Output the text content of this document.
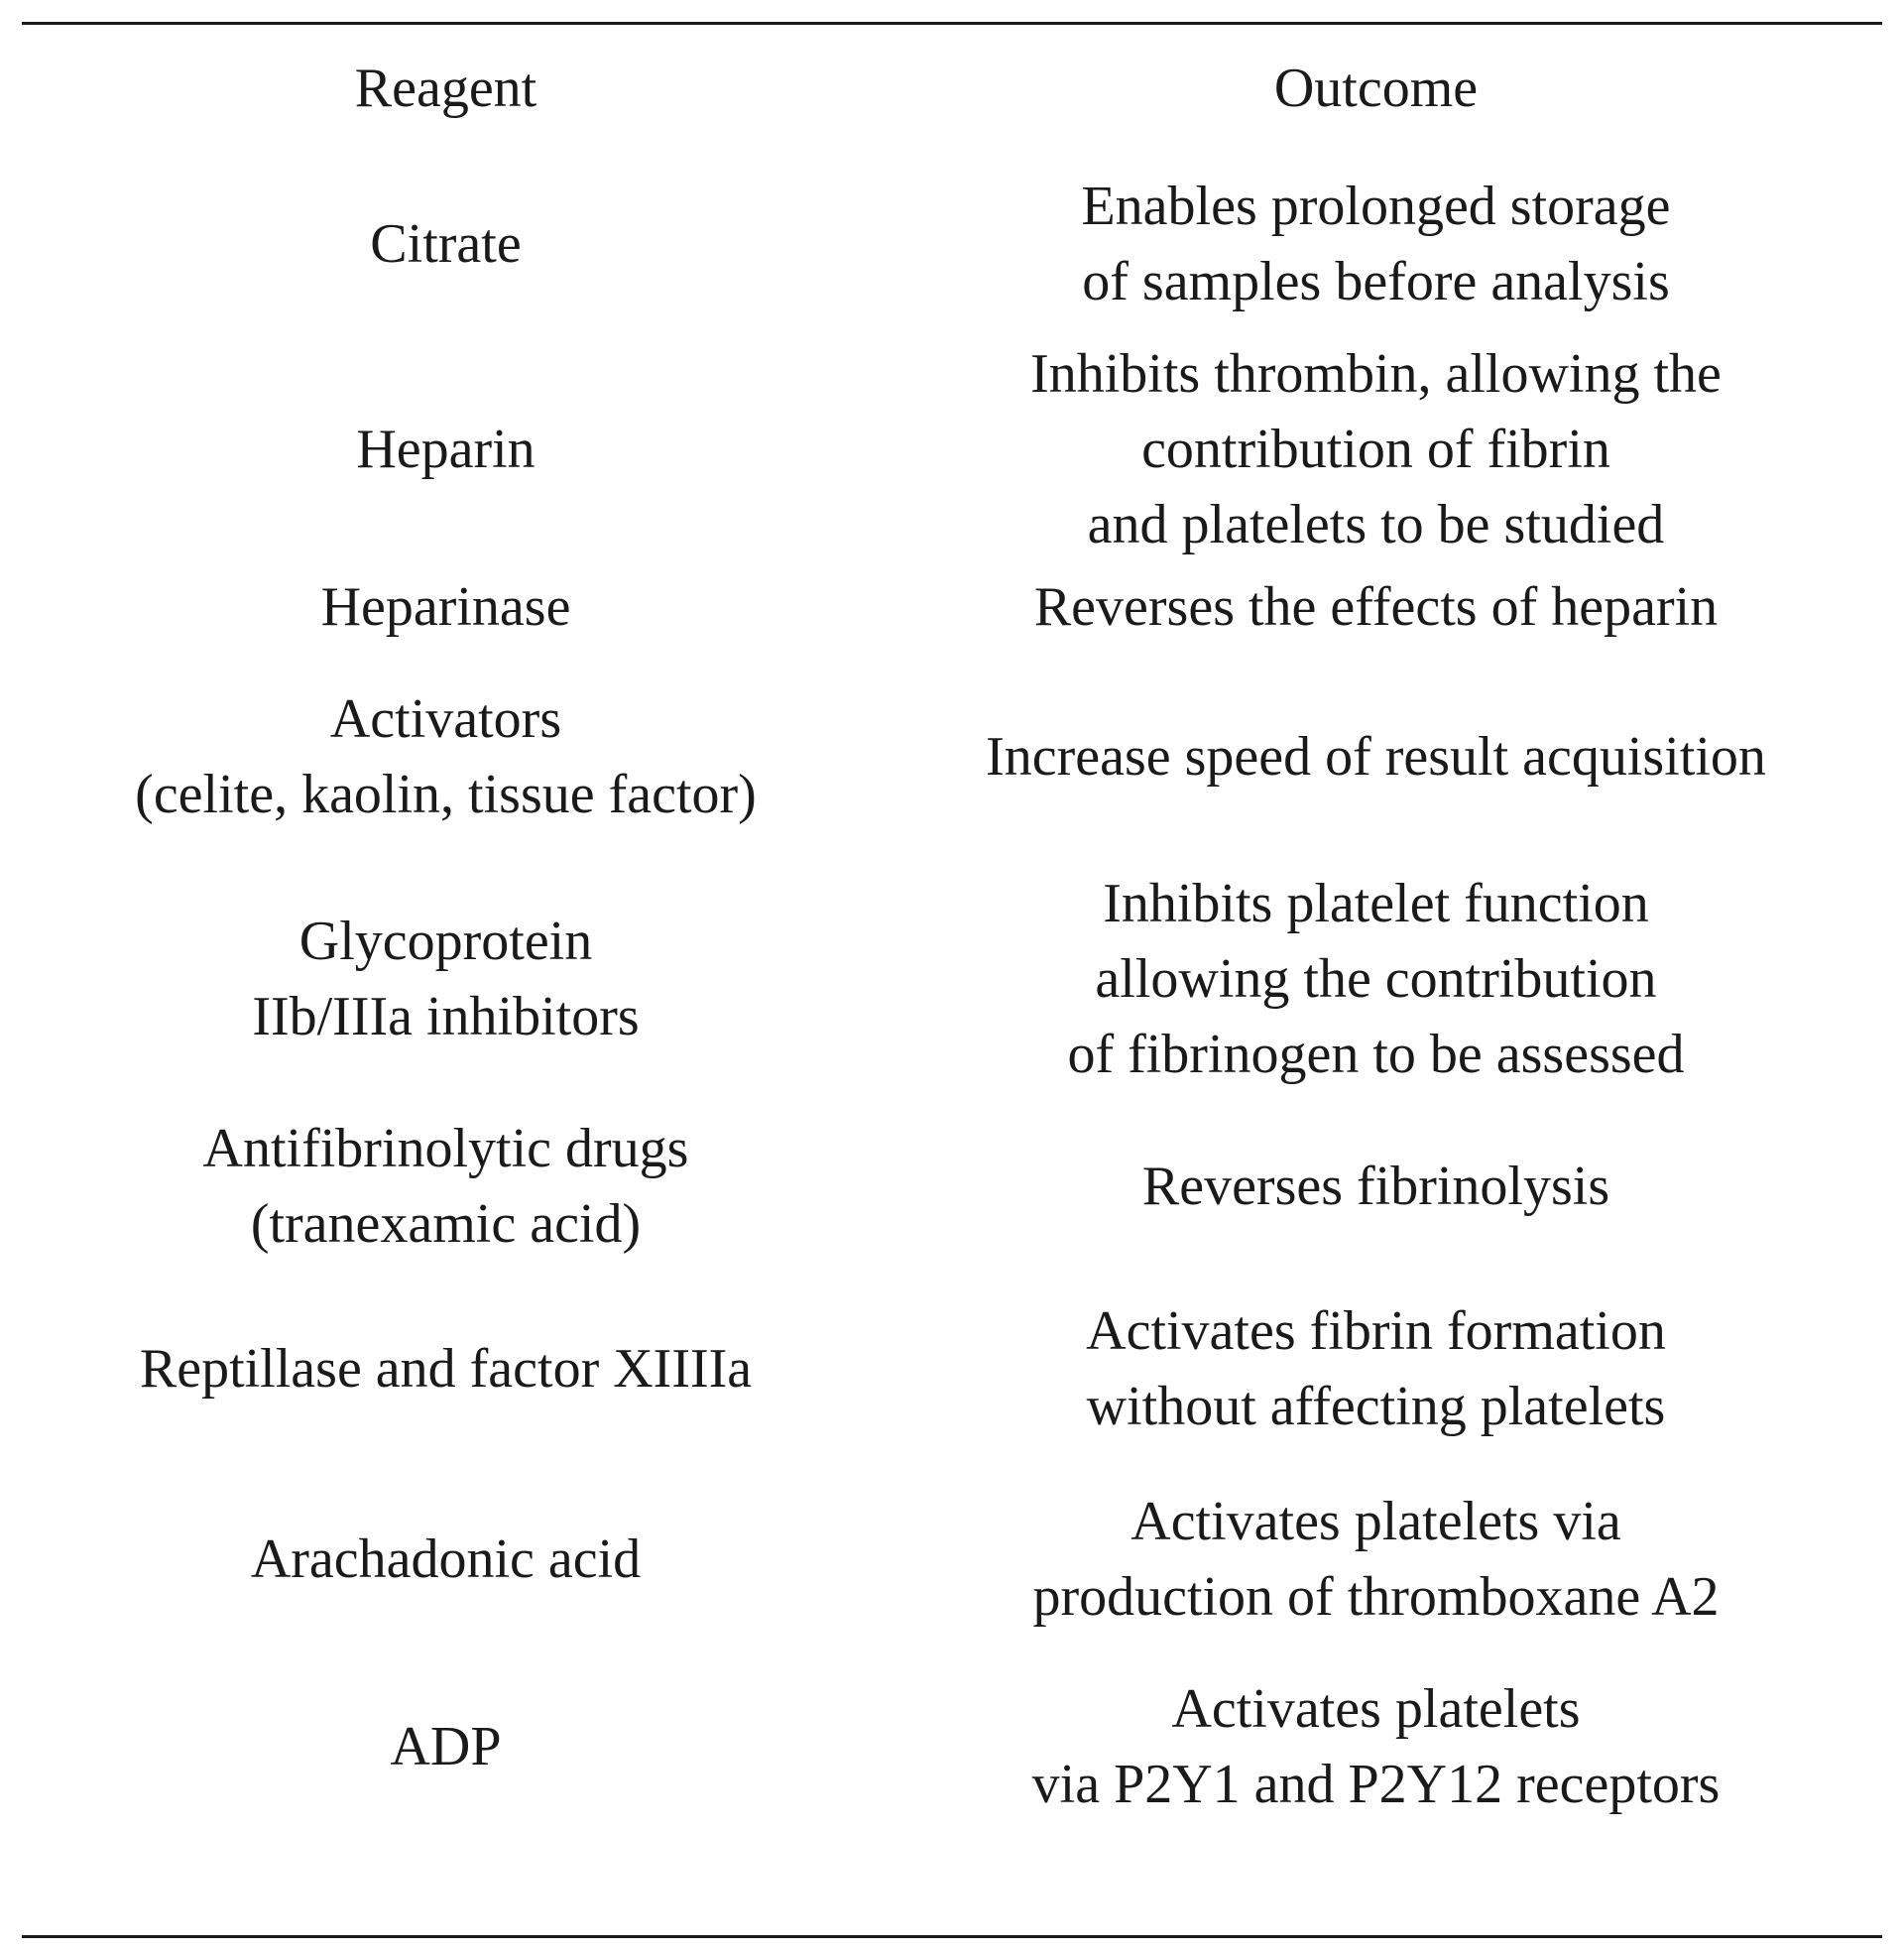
Reagent	Outcome
Citrate
Enables prolonged storage
of samples before analysis
Heparin
Inhibits thrombin, allowing the
contribution of fibrin
and platelets to be studied
Heparinase	Reverses the effects of heparin
Activators
(celite, kaolin, tissue factor)
Increase speed of result acquisition
Glycoprotein
IIb/IIIa inhibitors
Inhibits platelet function
allowing the contribution
of fibrinogen to be assessed
Antifibrinolytic drugs
(tranexamic acid)
Reverses fibrinolysis
Reptillase and factor XIIIIa
Activates fibrin formation
without affecting platelets
Arachadonic acid
Activates platelets via
production of thromboxane A2
ADP
Activates platelets
via P2Y1 and P2Y12 receptors
